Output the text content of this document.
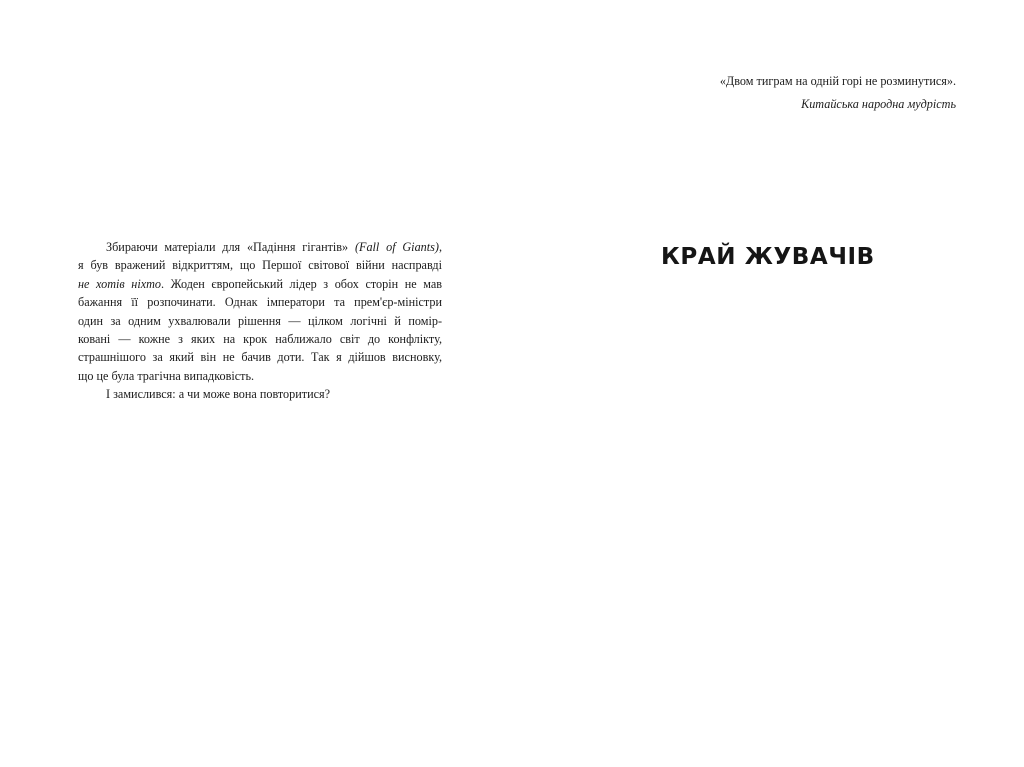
Збираючи матеріали для «Падіння гігантів» (Fall of Giants),
я був вражений відкриттям, що Першої світової війни насправді
не хотів ніхто. Жоден європейський лідер з обох сторін не мав
бажання її розпочинати. Однак імператори та прем'єр-міністри
один за одним ухвалювали рішення — цілком логічні й помір-
ковані — кожне з яких на крок наближало світ до конфлікту,
страшнішого за який він не бачив доти. Так я дійшов висновку,
що це була трагічна випадковість.
І замислився: а чи може вона повторитися?
«Двом тиграм на одній горі не розминутися».
Китайська народна мудрість
КРАЙ ЖУВАЧІВ
